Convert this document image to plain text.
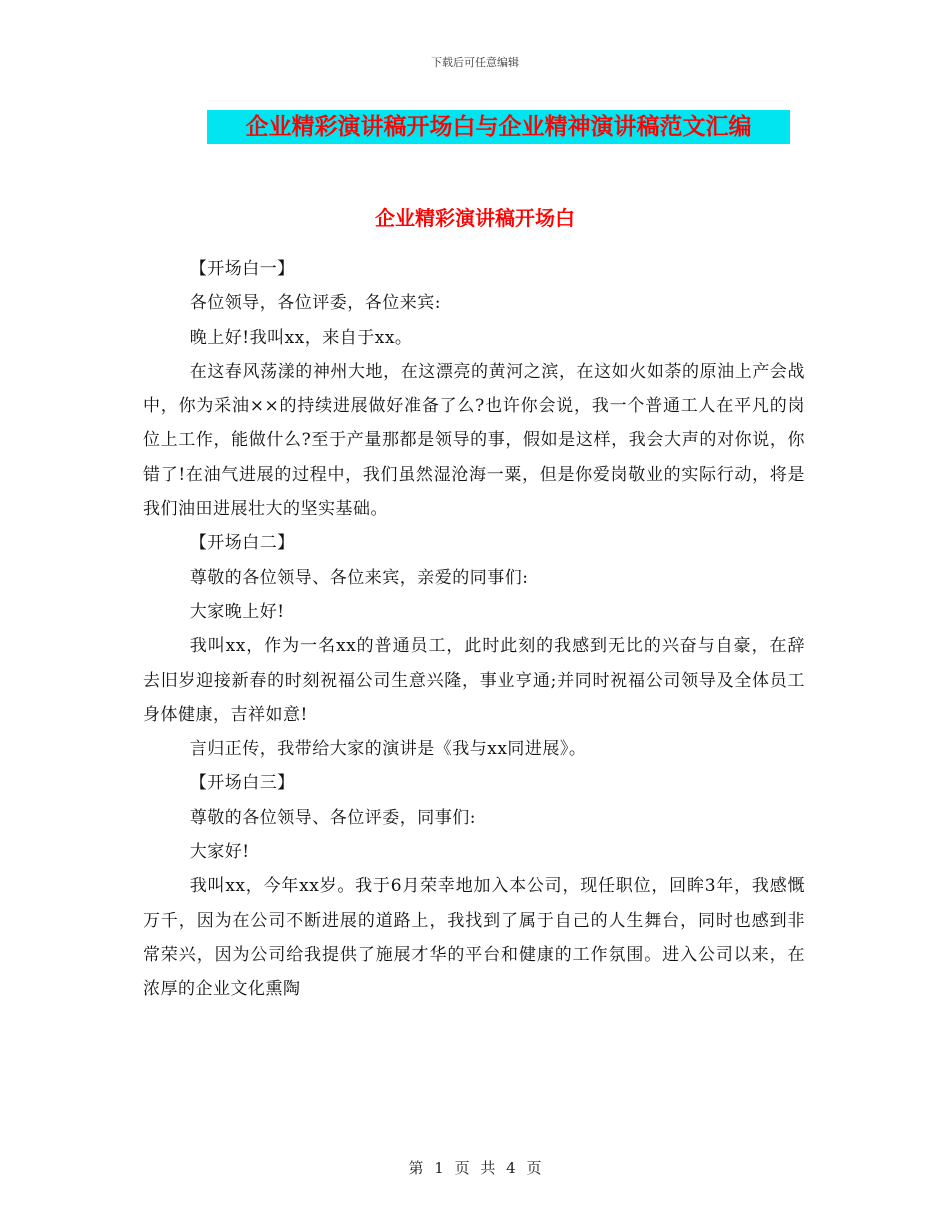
下载后可任意编辑
企业精彩演讲稿开场白与企业精神演讲稿范文汇编
企业精彩演讲稿开场白

【开场白一】

各位领导，各位评委，各位来宾:

晚上好!我叫xx，来自于xx。

在这春风荡漾的神州大地，在这漂亮的黄河之滨，在这如火如荼的原油上产会战中，你为采油××的持续进展做好准备了么?也许你会说，我一个普通工人在平凡的岗位上工作，能做什么?至于产量那都是领导的事，假如是这样，我会大声的对你说，你错了!在油气进展的过程中，我们虽然湿沧海一粟，但是你爱岗敬业的实际行动，将是我们油田进展壮大的坚实基础。

【开场白二】

尊敬的各位领导、各位来宾，亲爱的同事们:

大家晚上好!

我叫xx，作为一名xx的普通员工，此时此刻的我感到无比的兴奋与自豪，在辞去旧岁迎接新春的时刻祝福公司生意兴隆，事业亨通;并同时祝福公司领导及全体员工身体健康，吉祥如意!

言归正传，我带给大家的演讲是《我与xx同进展》。

【开场白三】

尊敬的各位领导、各位评委，同事们:

大家好!

我叫xx，今年xx岁。我于6月荣幸地加入本公司，现任职位，回眸3年，我感慨万千，因为在公司不断进展的道路上，我找到了属于自己的人生舞台，同时也感到非常荣兴，因为公司给我提供了施展才华的平台和健康的工作氛围。进入公司以来，在浓厚的企业文化熏陶

第 1 页 共 4 页
